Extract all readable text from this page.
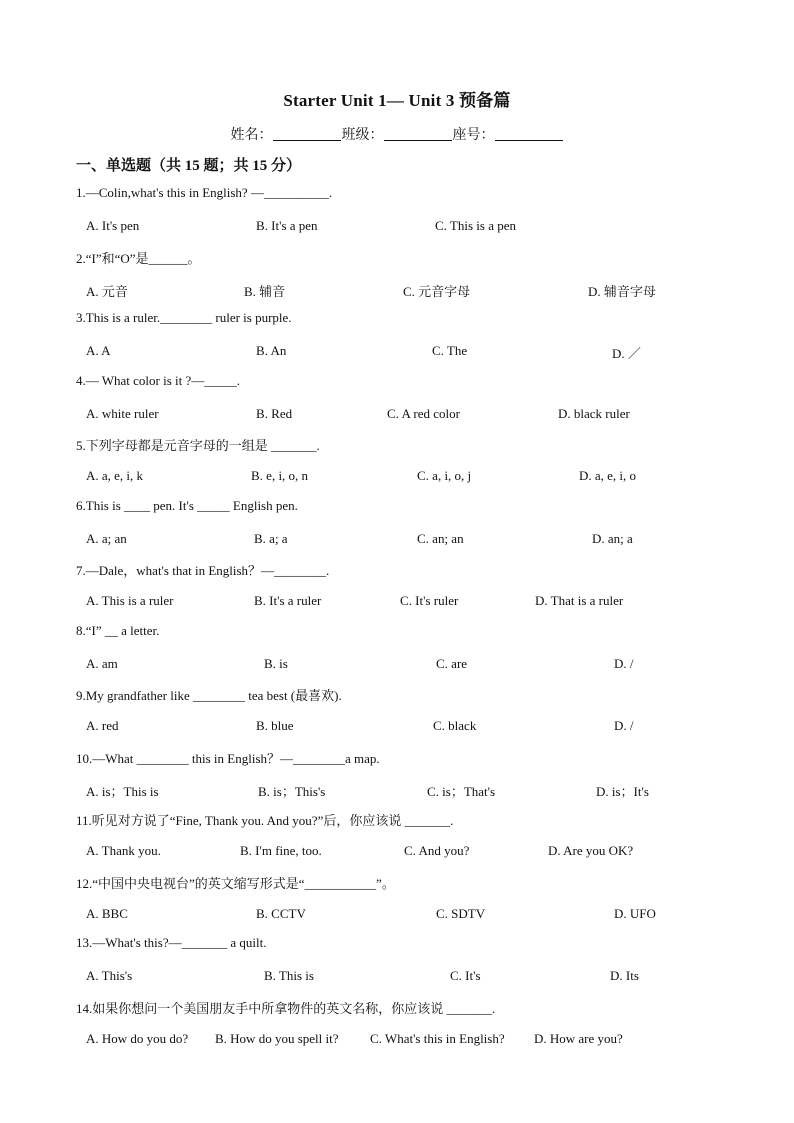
Starter Unit 1— Unit 3 预备篇
姓名：	班级：	座号：
一、单选题（共 15 题；共 15 分）
1.—Colin,what's this in English? —__________.
A. It's pen	B. It's a pen	C. This is a pen
2.“I”和“O”是______。
A. 元音	B. 辅音	C. 元音字母	D. 辅音字母
3.This is a ruler.________ ruler is purple.
A. A	B. An	C. The	D. ／
4.— What color is it ?—_____.
A. white ruler	B. Red	C. A red color	D. black ruler
5.下列字母都是元音字母的一组是 _______.
A. a, e, i, k	B. e, i, o, n	C. a, i, o, j	D. a, e, i, o
6.This is ____ pen. It's _____ English pen.
A. a; an	B. a; a	C. an; an	D. an; a
7.—Dale，what's that in English？—________.
A. This is a ruler	B. It's a ruler	C. It's ruler	D. That is a ruler
8.“I” __ a letter.
A. am	B. is	C. are	D. /
9.My grandfather like ________ tea best (最喜欢).
A. red	B. blue	C. black	D. /
10.—What ________ this in English？—________a map.
A. is；This is	B. is；This's	C. is；That's	D. is；It's
11.听见对方说了“Fine, Thank you. And you?”后，你应该说 _______.
A. Thank you.	B. I'm fine, too.	C. And you?	D. Are you OK?
12.“中国中央电视台”的英文缩写形式是“___________”。
A. BBC	B. CCTV	C. SDTV	D. UFO
13.—What's this?—_______ a quilt.
A. This's	B. This is	C. It's	D. Its
14.如果你想问一个美国朋友手中所拿物件的英文名称，你应该说 _______.
A. How do you do? B. How do you spell it? C. What's this in English? D. How are you?
